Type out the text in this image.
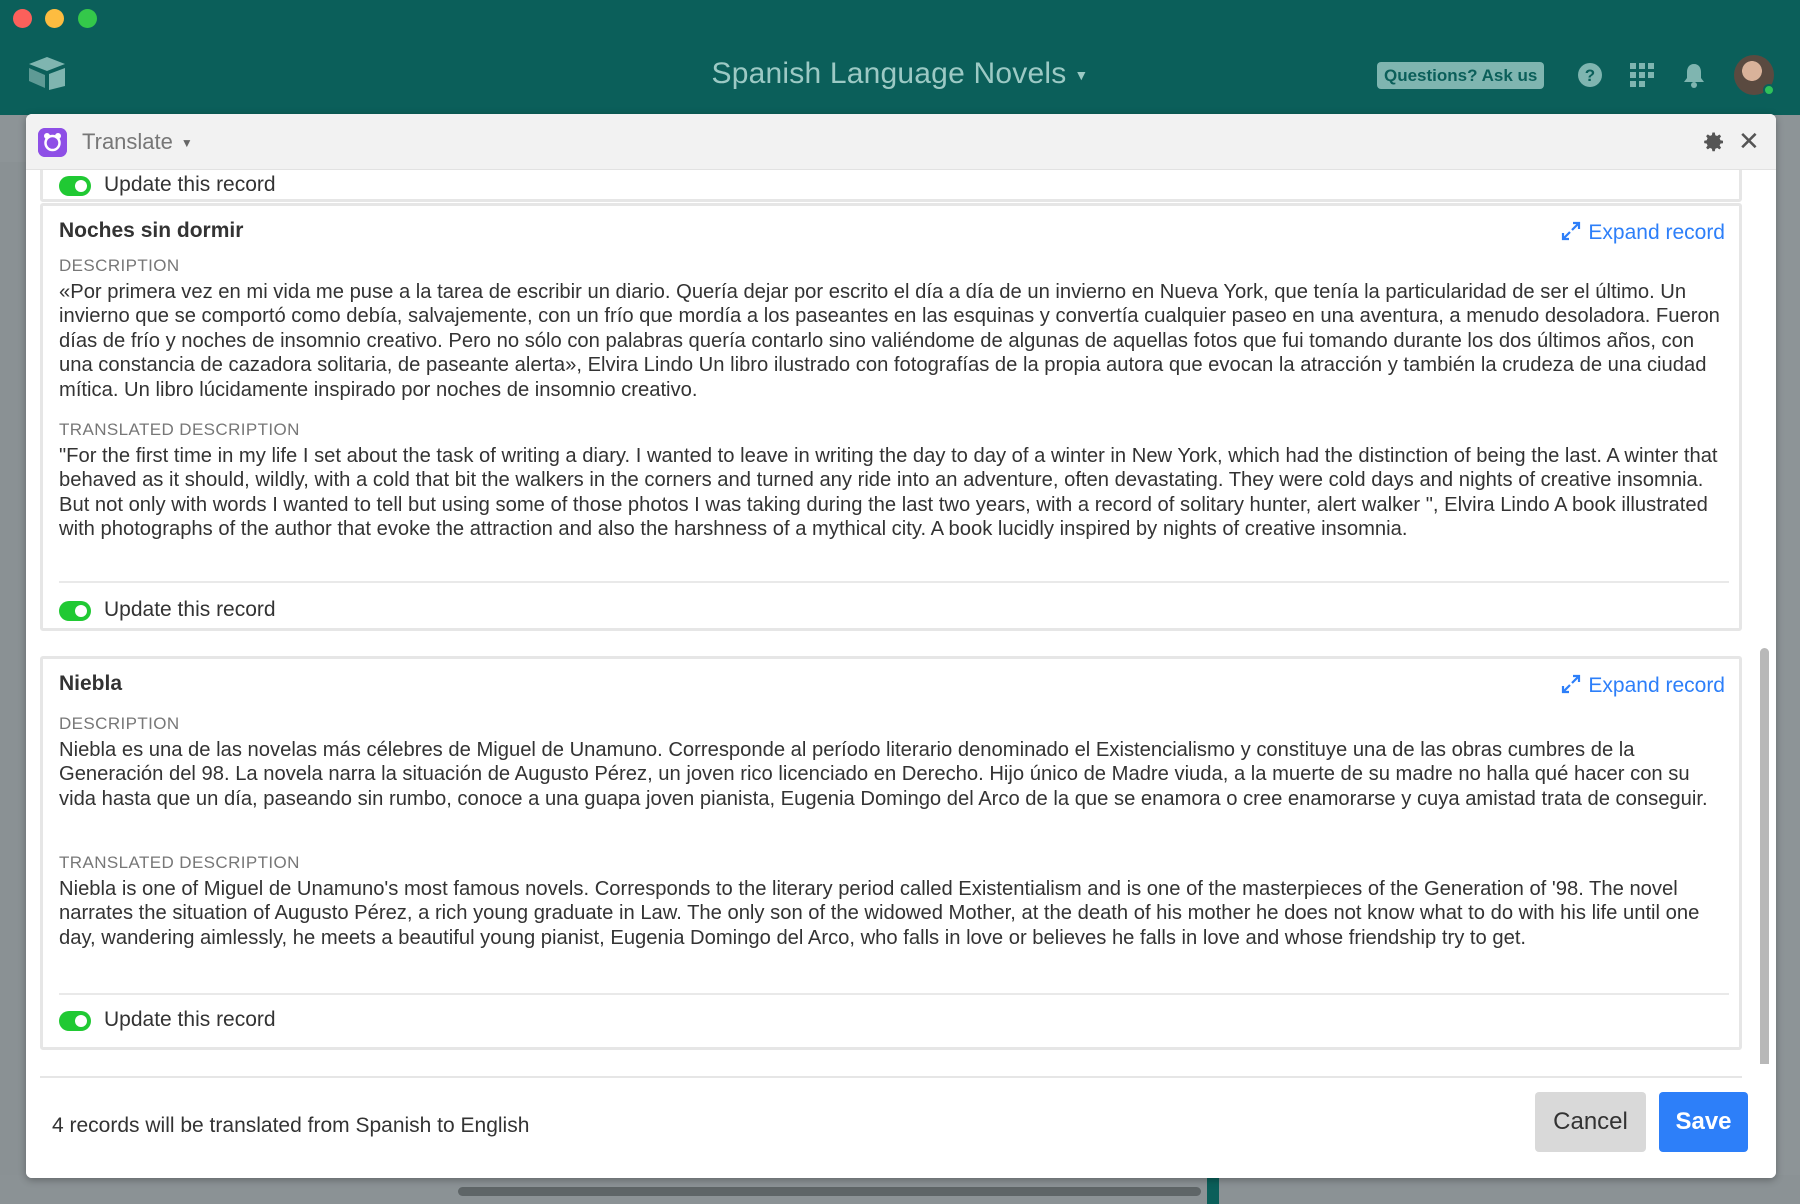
Spanish Language Novels ▼	Questions? Ask us	?
Translate ▼	✕
Update this record
Noches sin dormir	Expand record
DESCRIPTION
«Por primera vez en mi vida me puse a la tarea de escribir un diario. Quería dejar por escrito el día a día de un invierno en Nueva York, que tenía la particularidad de ser el último. Un invierno que se comportó como debía, salvajemente, con un frío que mordía a los paseantes en las esquinas y convertía cualquier paseo en una aventura, a menudo desoladora. Fueron días de frío y noches de insomnio creativo. Pero no sólo con palabras quería contarlo sino valiéndome de algunas de aquellas fotos que fui tomando durante los dos últimos años, con una constancia de cazadora solitaria, de paseante alerta», Elvira Lindo Un libro ilustrado con fotografías de la propia autora que evocan la atracción y también la crudeza de una ciudad mítica. Un libro lúcidamente inspirado por noches de insomnio creativo.
TRANSLATED DESCRIPTION
"For the first time in my life I set about the task of writing a diary. I wanted to leave in writing the day to day of a winter in New York, which had the distinction of being the last. A winter that behaved as it should, wildly, with a cold that bit the walkers in the corners and turned any ride into an adventure, often devastating. They were cold days and nights of creative insomnia. But not only with words I wanted to tell but using some of those photos I was taking during the last two years, with a record of solitary hunter, alert walker ", Elvira Lindo A book illustrated with photographs of the author that evoke the attraction and also the harshness of a mythical city. A book lucidly inspired by nights of creative insomnia.
Update this record
Niebla	Expand record
DESCRIPTION
Niebla es una de las novelas más célebres de Miguel de Unamuno. Corresponde al período literario denominado el Existencialismo y constituye una de las obras cumbres de la Generación del 98. La novela narra la situación de Augusto Pérez, un joven rico licenciado en Derecho. Hijo único de Madre viuda, a la muerte de su madre no halla qué hacer con su vida hasta que un día, paseando sin rumbo, conoce a una guapa joven pianista, Eugenia Domingo del Arco de la que se enamora o cree enamorarse y cuya amistad trata de conseguir.
TRANSLATED DESCRIPTION
Niebla is one of Miguel de Unamuno's most famous novels. Corresponds to the literary period called Existentialism and is one of the masterpieces of the Generation of '98. The novel narrates the situation of Augusto Pérez, a rich young graduate in Law. The only son of the widowed Mother, at the death of his mother he does not know what to do with his life until one day, wandering aimlessly, he meets a beautiful young pianist, Eugenia Domingo del Arco, who falls in love or believes he falls in love and whose friendship try to get.
Update this record
4 records will be translated from Spanish to English	Cancel	Save
